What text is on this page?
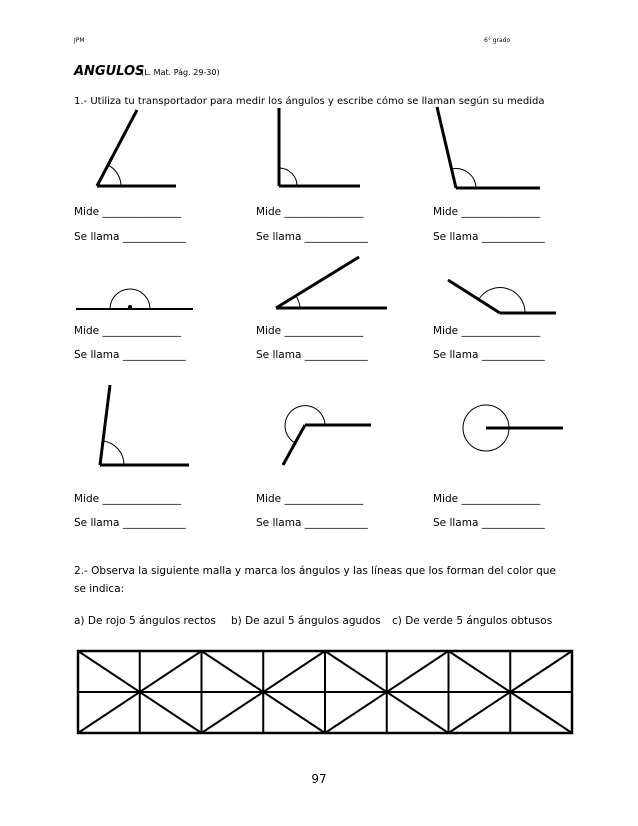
JPM	6° grado
ANGULOS
(L. Mat. Pág. 29-30)
1.- Utiliza tu transportador para medir los ángulos y escribe cómo se llaman según su medida
Mide _______________	Mide _______________	Mide _______________
Se llama ____________	Se llama ____________	Se llama ____________
Mide _______________	Mide _______________	Mide _______________
Se llama ____________	Se llama ____________	Se llama ____________
Mide _______________	Mide _______________	Mide _______________
Se llama ____________	Se llama ____________	Se llama ____________
2.- Observa la siguiente malla y marca los ángulos y las líneas que los forman del color que
se indica:
a) De rojo 5 ángulos rectos b) De azul 5 ángulos agudos c) De verde 5 ángulos obtusos
97
